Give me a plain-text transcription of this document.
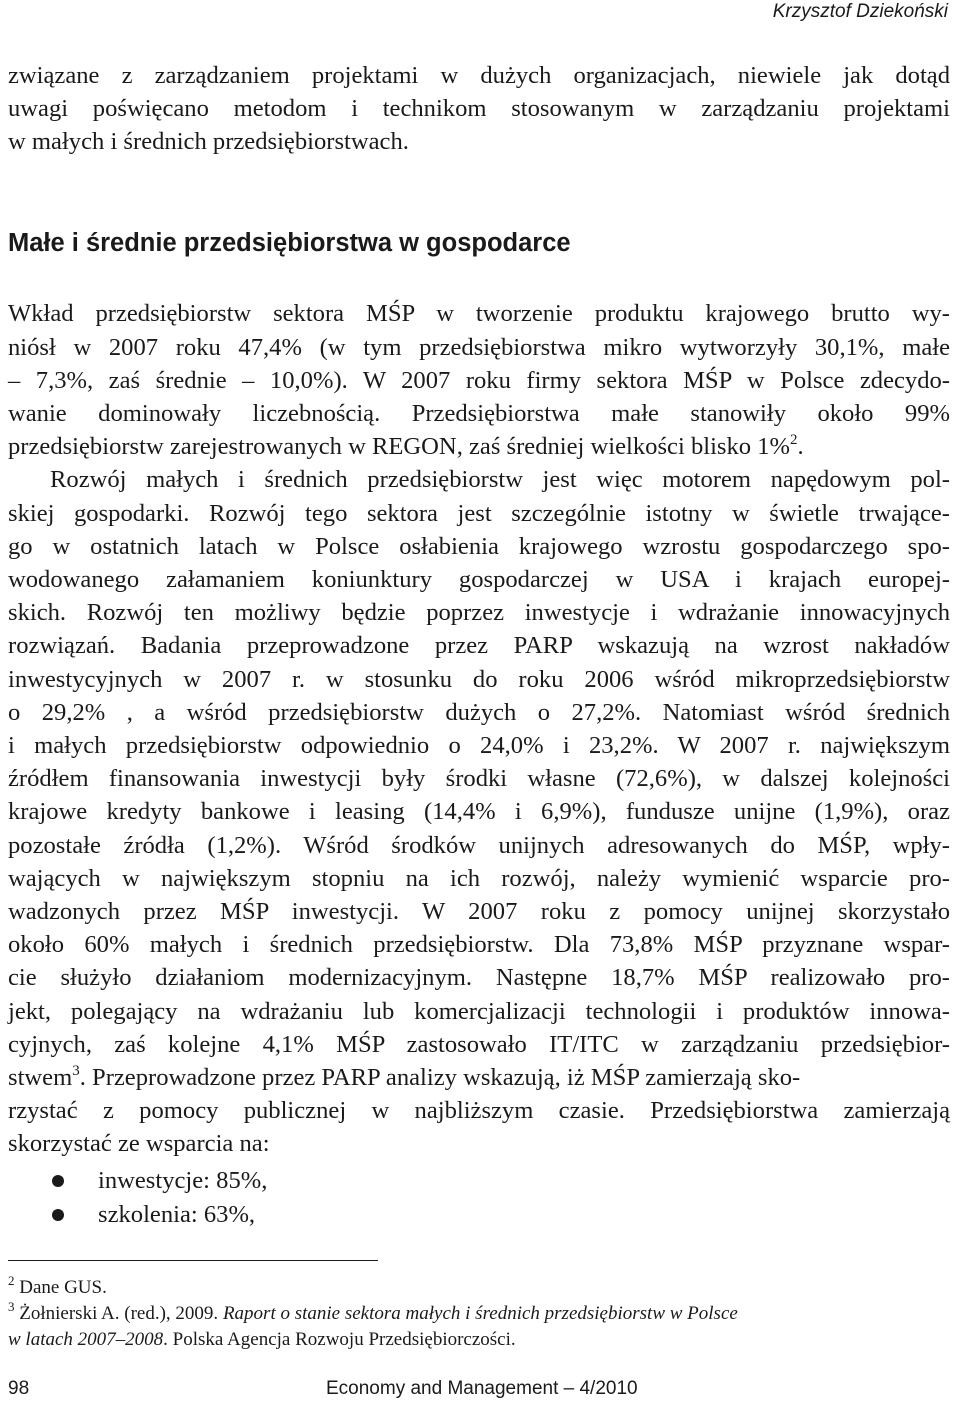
Krzysztof Dziekoński
związane z zarządzaniem projektami w dużych organizacjach, niewiele jak dotąd
uwagi poświęcano metodom i technikom stosowanym w zarządzaniu projektami
w małych i średnich przedsiębiorstwach.
Małe i średnie przedsiębiorstwa w gospodarce
Wkład przedsiębiorstw sektora MŚP w tworzenie produktu krajowego brutto wy-
niósł w 2007 roku 47,4% (w tym przedsiębiorstwa mikro wytworzyły 30,1%, małe
– 7,3%, zaś średnie – 10,0%). W 2007 roku firmy sektora MŚP w Polsce zdecydo-
wanie dominowały liczebnością. Przedsiębiorstwa małe stanowiły około 99%
przedsiębiorstw zarejestrowanych w REGON, zaś średniej wielkości blisko 1%$^2$.
Rozwój małych i średnich przedsiębiorstw jest więc motorem napędowym pol-
skiej gospodarki. Rozwój tego sektora jest szczególnie istotny w świetle trwające-
go w ostatnich latach w Polsce osłabienia krajowego wzrostu gospodarczego spo-
wodowanego załamaniem koniunktury gospodarczej w USA i krajach europej-
skich. Rozwój ten możliwy będzie poprzez inwestycje i wdrażanie innowacyjnych
rozwiązań. Badania przeprowadzone przez PARP wskazują na wzrost nakładów
inwestycyjnych w 2007 r. w stosunku do roku 2006 wśród mikroprzedsiębiorstw
o 29,2% , a wśród przedsiębiorstw dużych o 27,2%. Natomiast wśród średnich
i małych przedsiębiorstw odpowiednio o 24,0% i 23,2%. W 2007 r. największym
źródłem finansowania inwestycji były środki własne (72,6%), w dalszej kolejności
krajowe kredyty bankowe i leasing (14,4% i 6,9%), fundusze unijne (1,9%), oraz
pozostałe źródła (1,2%). Wśród środków unijnych adresowanych do MŚP, wpły-
wających w największym stopniu na ich rozwój, należy wymienić wsparcie pro-
wadzonych przez MŚP inwestycji. W 2007 roku z pomocy unijnej skorzystało
około 60% małych i średnich przedsiębiorstw. Dla 73,8% MŚP przyznane wspar-
cie służyło działaniom modernizacyjnym. Następne 18,7% MŚP realizowało pro-
jekt, polegający na wdrażaniu lub komercjalizacji technologii i produktów innowa-
cyjnych, zaś kolejne 4,1% MŚP zastosowało IT/ITC w zarządzaniu przedsiębior-
stwem$^3$. Przeprowadzone przez PARP analizy wskazują, iż MŚP zamierzają sko-
rzystać z pomocy publicznej w najbliższym czasie. Przedsiębiorstwa zamierzają
skorzystać ze wsparcia na:
inwestycje: 85%,
szkolenia: 63%,
$^2$ Dane GUS.
$^3$ Żołnierski A. (red.), 2009. Raport o stanie sektora małych i średnich przedsiębiorstw w Polsce
w latach 2007–2008. Polska Agencja Rozwoju Przedsiębiorczości.
98	Economy and Management – 4/2010
